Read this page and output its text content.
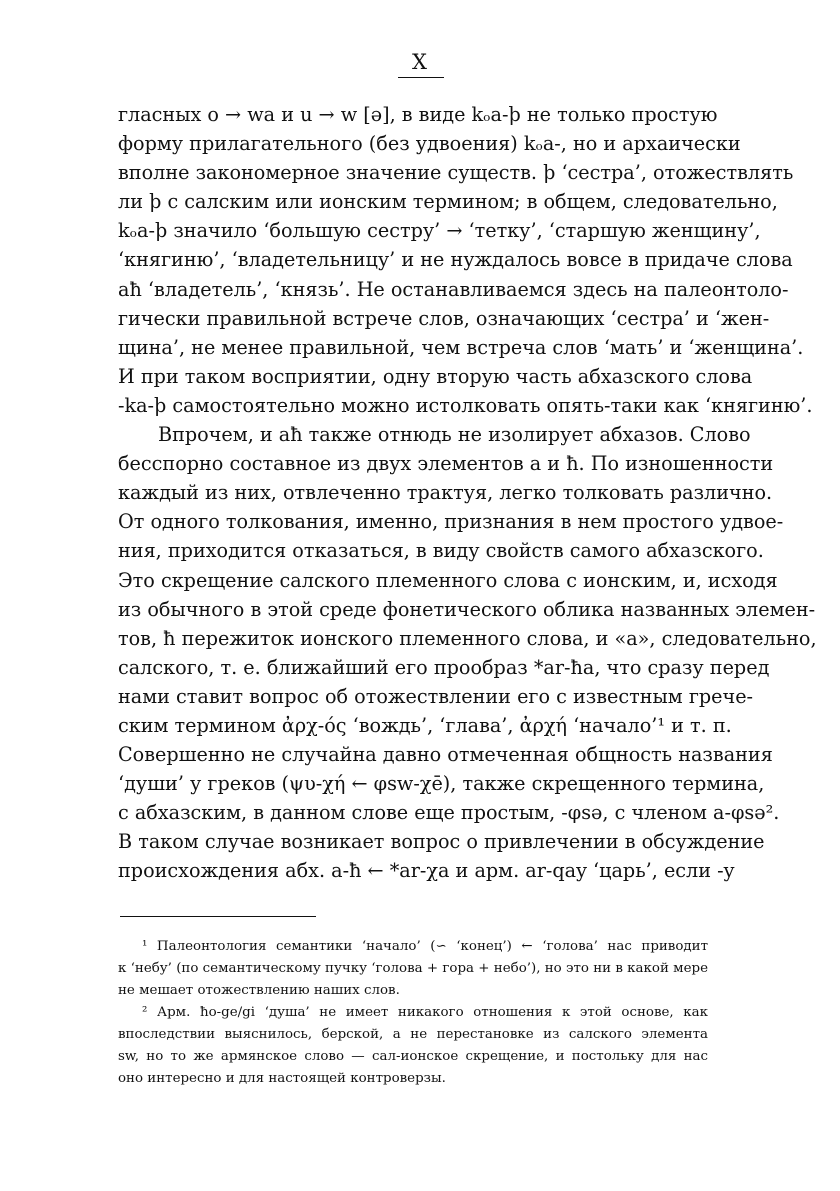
X
гласных o → wa и u → w [ə], в виде kₒa-ϸ не только простую
форму прилагательного (без удвоения) kₒa-, но и архаически
вполне закономерное значение существ. ϸ ‘сестра’, отожествлять
ли ϸ с салским или ионским термином; в общем, следовательно,
kₒa-ϸ значило ‘большую сестру’ → ‘тетку’, ‘старшую женщину’,
‘княгиню’, ‘владетельницу’ и не нуждалось вовсе в придаче слова
aħ ‘владетель’, ‘князь’. Не останавливаемся здесь на палеонтоло-
гически правильной встрече слов, означающих ‘сестра’ и ‘жен-
щина’, не менее правильной, чем встреча слов ‘мать’ и ‘женщина’.
И при таком восприятии, одну вторую часть абхазского слова
-ka-ϸ самостоятельно можно истолковать опять-таки как ‘княгиню’.
Впрочем, и aħ также отнюдь не изолирует абхазов. Слово
бесспорно составное из двух элементов a и ħ. По изношенности
каждый из них, отвлеченно трактуя, легко толковать различно.
От одного толкования, именно, признания в нем простого удвое-
ния, приходится отказаться, в виду свойств самого абхазского.
Это скрещение салского племенного слова с ионским, и, исходя
из обычного в этой среде фонетического облика названных элемен-
тов, ħ пережиток ионского племенного слова, и «a», следовательно,
салского, т. е. ближайший его прообраз *ar-ħa, что сразу перед
нами ставит вопрос об отожествлении его с известным грече-
ским термином ἀρχ-ός ‘вождь’, ‘глава’, ἀρχή ‘начало’¹ и т. п.
Совершенно не случайна давно отмеченная общность названия
‘души’ у греков (ψυ-χή ← φsw-χē), также скрещенного термина,
с абхазским, в данном слове еще простым, -φsə, с членом a-φsə².
В таком случае возникает вопрос о привлечении в обсуждение
происхождения абх. a-ħ ← *ar-χa и арм. ar-qay ‘царь’, если -y
¹ Палеонтология семантики ‘начало’ (∽ ‘конец’) ← ‘голова’ нас приводит
к ‘небу’ (по семантическому пучку ‘голова + гора + небо’), но это ни в какой мере
не мешает отожествлению наших слов.
² Арм. ħo-ge/gi ‘душа’ не имеет никакого отношения к этой основе, как
впоследствии выяснилось, берской, а не перестановке из салского элемента
sw, но то же армянское слово — сал-ионское скрещение, и постольку для нас
оно интересно и для настоящей контроверзы.
